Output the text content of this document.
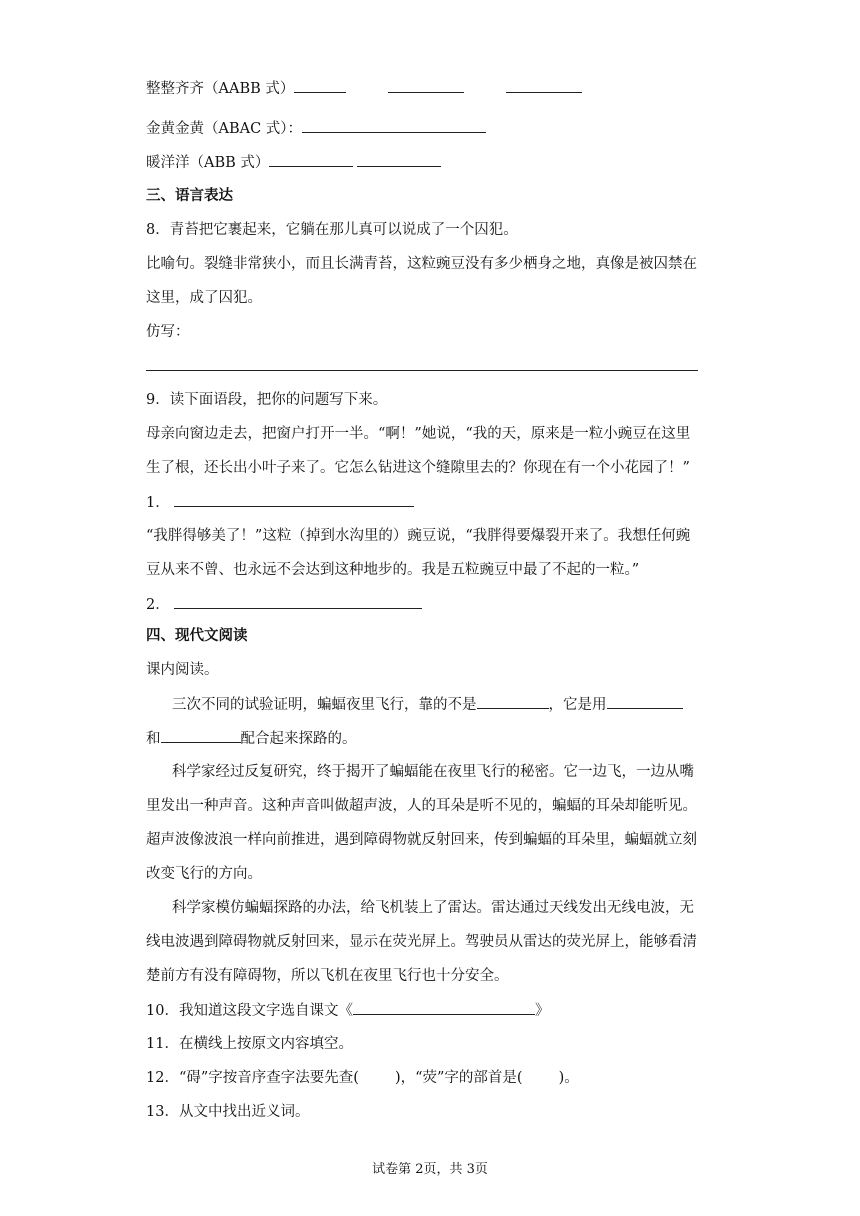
整整齐齐（AABB 式）
金黄金黄（ABAC 式）：
暖洋洋（ABB 式）
三、语言表达
8．青苔把它裹起来，它躺在那儿真可以说成了一个囚犯。
比喻句。裂缝非常狭小，而且长满青苔，这粒豌豆没有多少栖身之地，真像是被囚禁在
这里，成了囚犯。
仿写：
9．读下面语段，把你的问题写下来。
母亲向窗边走去，把窗户打开一半。“啊！”她说，“我的天，原来是一粒小豌豆在这里
生了根，还长出小叶子来了。它怎么钻进这个缝隙里去的？你现在有一个小花园了！”
1．
“我胖得够美了！”这粒（掉到水沟里的）豌豆说，“我胖得要爆裂开来了。我想任何豌
豆从来不曾、也永远不会达到这种地步的。我是五粒豌豆中最了不起的一粒。”
2．
四、现代文阅读
课内阅读。
三次不同的试验证明，蝙蝠夜里飞行，靠的不是	，它是用
和	配合起来探路的。
科学家经过反复研究，终于揭开了蝙蝠能在夜里飞行的秘密。它一边飞，一边从嘴
里发出一种声音。这种声音叫做超声波，人的耳朵是听不见的，蝙蝠的耳朵却能听见。
超声波像波浪一样向前推进，遇到障碍物就反射回来，传到蝙蝠的耳朵里，蝙蝠就立刻
改变飞行的方向。
科学家模仿蝙蝠探路的办法，给飞机装上了雷达。雷达通过天线发出无线电波，无
线电波遇到障碍物就反射回来，显示在荧光屏上。驾驶员从雷达的荧光屏上，能够看清
楚前方有没有障碍物，所以飞机在夜里飞行也十分安全。
10．我知道这段文字选自课文《	》
11．在横线上按原文内容填空。
12．“碍”字按音序查字法要先查( )，“荧”字的部首是( )。
13．从文中找出近义词。
试卷第 2页，共 3页
